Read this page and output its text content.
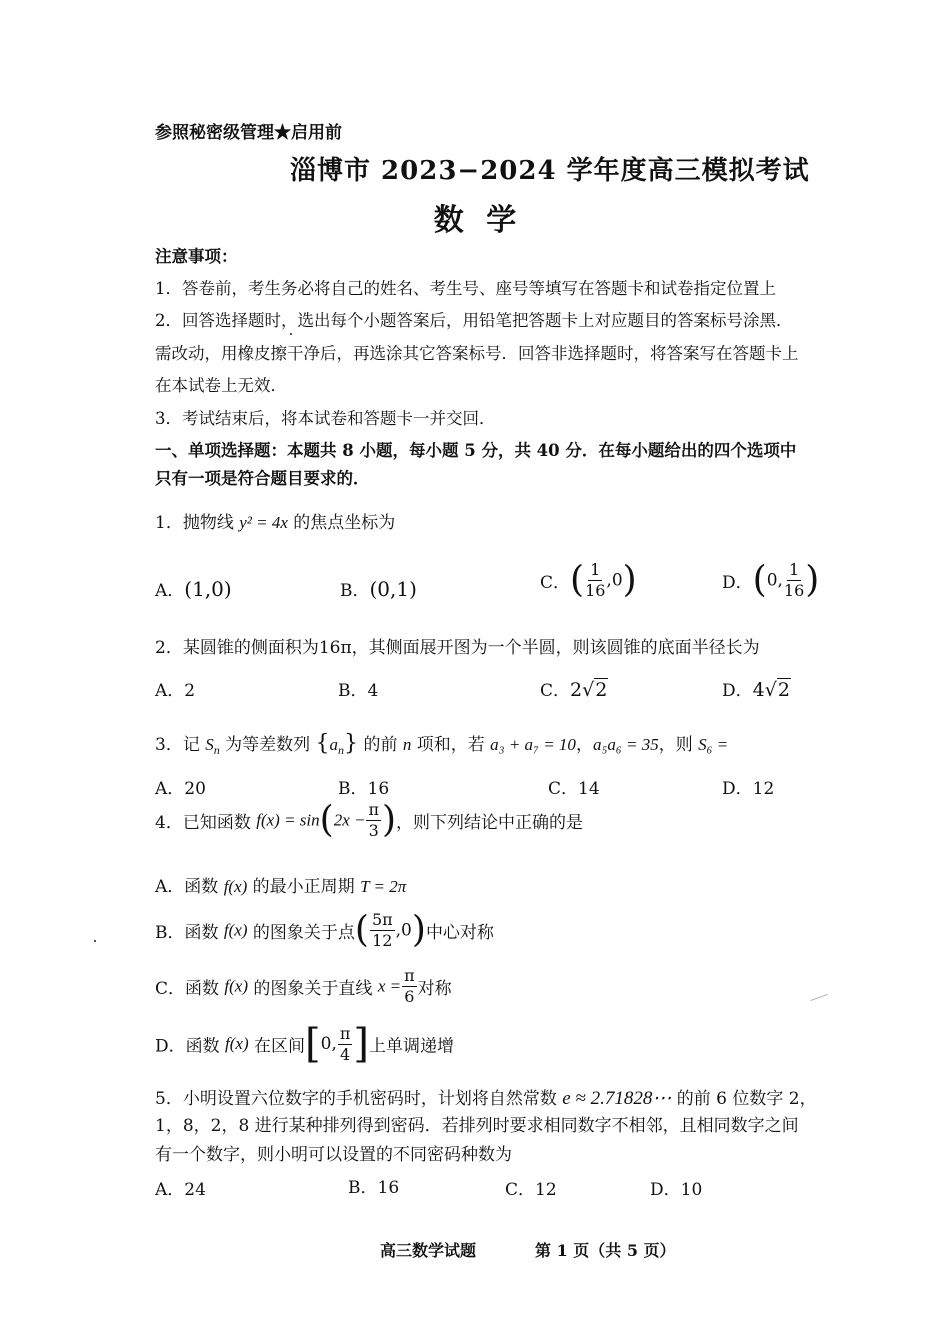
参照秘密级管理★启用前
淄博市 2023−2024 学年度高三模拟考试
数 学
注意事项：
1．答卷前，考生务必将自己的姓名、考生号、座号等填写在答题卡和试卷指定位置上
2．回答选择题时，选出每个小题答案后，用铅笔把答题卡上对应题目的答案标号涂黑．
需改动，用橡皮擦干净后，再选涂其它答案标号．回答非选择题时，将答案写在答题卡上
在本试卷上无效．
3．考试结束后，将本试卷和答题卡一并交回．
一、单项选择题：本题共 8 小题，每小题 5 分，共 40 分．在每小题给出的四个选项中
只有一项是符合题目要求的．
1．抛物线 y² = 4x 的焦点坐标为
A．(1,0)	B．(0,1)	C．( $\frac{1}{16} ,0$)	D．(0, $\frac{1}{16}$ )
2．某圆锥的侧面积为16π，其侧面展开图为一个半圆，则该圆锥的底面半径长为
A．2	B．4	C．2√2	D．4√2
3．记 $S_n$ 为等差数列 $\{a_n\}$ 的前 n 项和，若 a₃ + a₇ = 10，a₅a₆ = 35，则 S₆ =
A．20	B．16	C．14	D．12
4．已知函数 $f(x) = \sin(2x - \frac{\pi}{3}$ )，则下列结论中正确的是
A．函数 f(x) 的最小正周期 T = 2π
B．函数 f(x) 的图象关于点( $\frac{5\pi}{12} ,0$)中心对称
C．函数 f(x) 的图象关于直线 $x = \frac{\pi}{6}$ 对称
D．函数 f(x) 在区间[0, $\frac{\pi}{4}$ ]上单调递增
5．小明设置六位数字的手机密码时，计划将自然常数 e ≈ 2.71828⋯ 的前 6 位数字 2，
1，8，2，8 进行某种排列得到密码．若排列时要求相同数字不相邻，且相同数字之间
有一个数字，则小明可以设置的不同密码种数为
A．24	B．16	C．12	D．10
高三数学试题	第 1 页（共 5 页）
